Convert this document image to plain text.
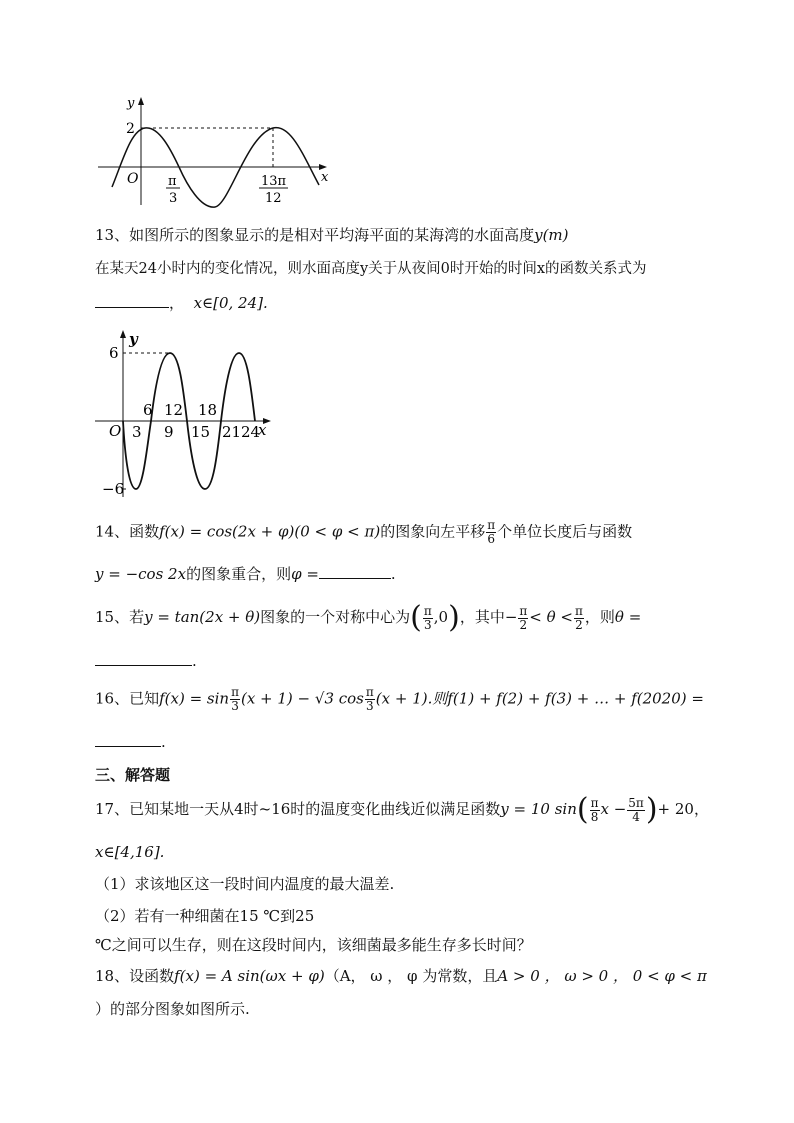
y
x
O
2
π
3
13π
12
13、如图所示的图象显示的是相对平均海平面的某海湾的水面高度y(m)
在某天24小时内的变化情况，则水面高度y关于从夜间0时开始的时间x的函数关系式为
， x∈[0, 24].
y
x
O
6
−6
6 12 18
3 9 15 21 24
14、函数f(x) = cos(2x + φ)(0 < φ < π)的图象向左平移 $\frac{\pi}{6}$ 个单位长度后与函数
y = −cos 2x的图象重合，则φ =	.
15、若y = tan(2x + θ)图象的一个对称中心为( $\frac{\pi}{3} ,0$)，其中− $\frac{\pi}{2} < \theta < \frac{\pi}{2}$ ，则θ =
.
16、已知$f(x) = \sin \frac{\pi}{3} (x + 1) - √3$ $\cos \frac{\pi}{3} (x + 1)$.则f(1) + f(2) + f(3) + … + f(2020) =
.
三、解答题
17、已知某地一天从4时~16时的温度变化曲线近似满足函数y = 10 $\sin( \frac{\pi}{8}$ $x - \frac{5\pi}{4}$ )+ 20，
x∈[4,16].
（1）求该地区这一段时间内温度的最大温差.
（2）若有一种细菌在15 ℃到25
℃之间可以生存，则在这段时间内，该细菌最多能生存多长时间？
18、设函数f(x) = A sin(ωx + φ)（A， ω ， φ 为常数，且A > 0 ， ω > 0 ， 0 < φ < π
）的部分图象如图所示.
